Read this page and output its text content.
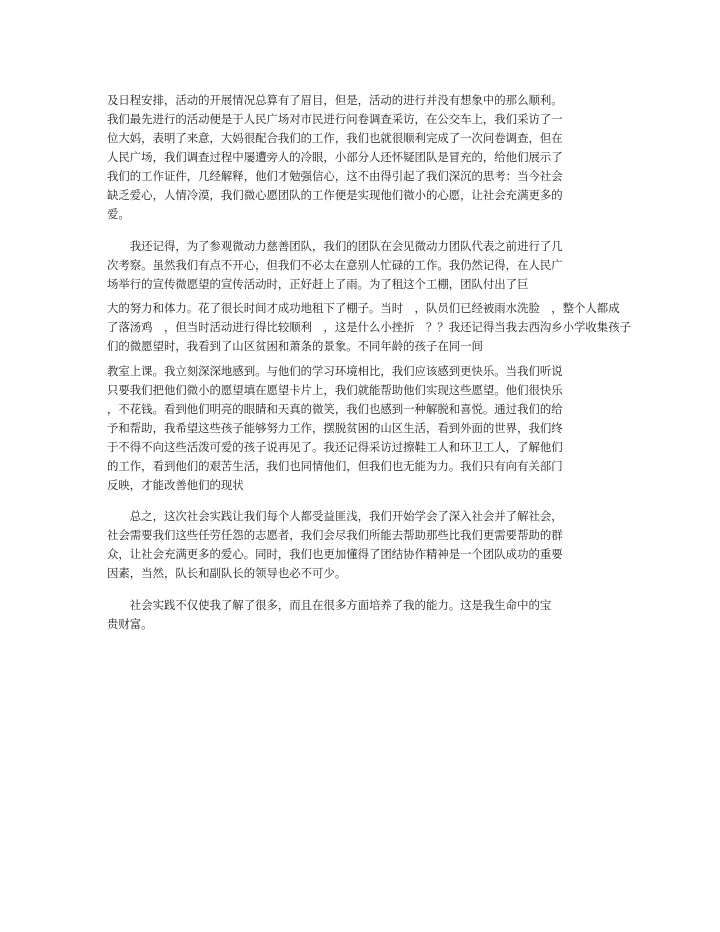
及日程安排，活动的开展情况总算有了眉目，但是，活动的进行并没有想象中的那么顺利。
我们最先进行的活动便是于人民广场对市民进行问卷调查采访，在公交车上，我们采访了一
位大妈，表明了来意，大妈很配合我们的工作，我们也就很顺利完成了一次问卷调查，但在
人民广场，我们调查过程中屡遭旁人的冷眼，小部分人还怀疑团队是冒充的，给他们展示了
我们的工作证件，几经解释，他们才勉强信心，这不由得引起了我们深沉的思考：当今社会
缺乏爱心，人情冷漠，我们微心愿团队的工作便是实现他们微小的心愿，让社会充满更多的
爱。
　　我还记得，为了参观微动力慈善团队，我们的团队在会见微动力团队代表之前进行了几
次考察。虽然我们有点不开心，但我们不必太在意别人忙碌的工作。我仍然记得，在人民广
场举行的宣传微愿望的宣传活动时，正好赶上了雨。为了租这个工棚，团队付出了巨
大的努力和体力。花了很长时间才成功地租下了棚子。当时　，队员们已经被雨水洗脸　，整个人都成
了落汤鸡　，但当时活动进行得比较顺利　，这是什么小挫折　？？我还记得当我去西沟乡小学收集孩子
们的微愿望时，我看到了山区贫困和萧条的景象。不同年龄的孩子在同一间
教室上课。我立刻深深地感到。与他们的学习环境相比，我们应该感到更快乐。当我们听说
只要我们把他们微小的愿望填在愿望卡片上，我们就能帮助他们实现这些愿望。他们很快乐
，不花钱。看到他们明亮的眼睛和天真的微笑，我们也感到一种解脱和喜悦。通过我们的给
予和帮助，我希望这些孩子能够努力工作，摆脱贫困的山区生活，看到外面的世界，我们终
于不得不向这些活泼可爱的孩子说再见了。我还记得采访过擦鞋工人和环卫工人，了解他们
的工作，看到他们的艰苦生活，我们也同情他们，但我们也无能为力。我们只有向有关部门
反映，才能改善他们的现状
　　总之，这次社会实践让我们每个人都受益匪浅，我们开始学会了深入社会并了解社会，
社会需要我们这些任劳任怨的志愿者，我们会尽我们所能去帮助那些比我们更需要帮助的群
众，让社会充满更多的爱心。同时，我们也更加懂得了团结协作精神是一个团队成功的重要
因素，当然，队长和副队长的领导也必不可少。
　　社会实践不仅使我了解了很多，而且在很多方面培养了我的能力。这是我生命中的宝
贵财富。
